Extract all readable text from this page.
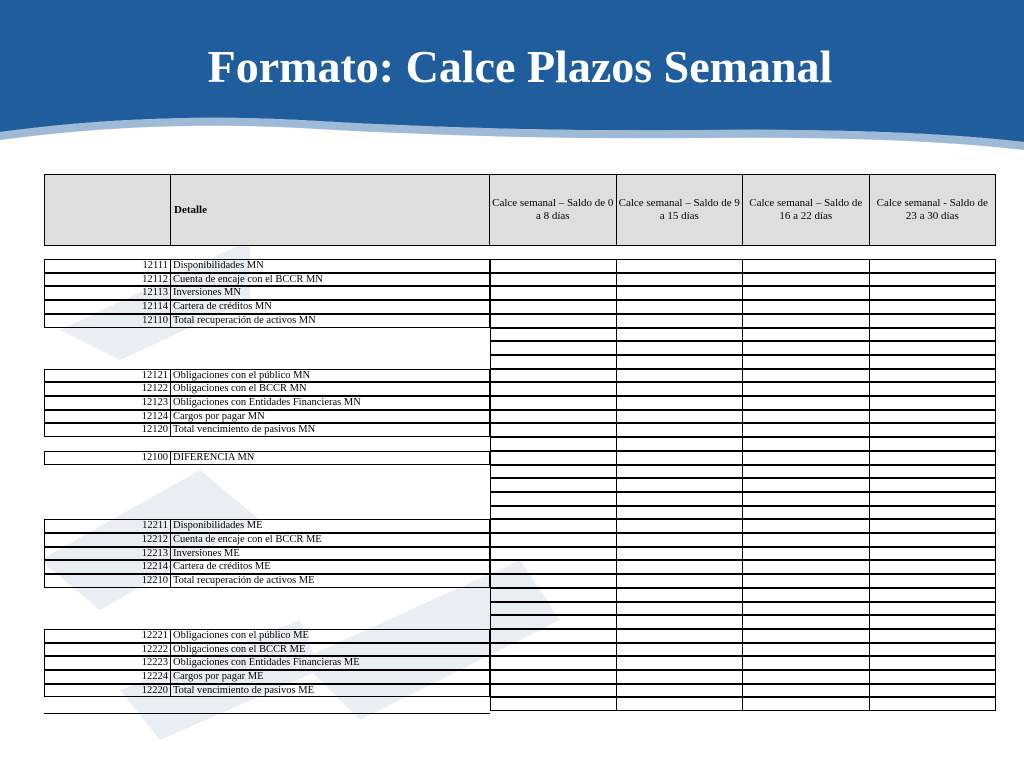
Formato: Calce Plazos Semanal
Detalle
Calce semanal – Saldo de 0 a 8 días
Calce semanal – Saldo de 9 a 15 días
Calce semanal – Saldo de 16 a 22 días
Calce semanal - Saldo de 23 a 30 días
12111 Disponibilidades MN
12112 Cuenta de encaje con el BCCR MN
12113 Inversiones MN
12114 Cartera de créditos MN
12110 Total recuperación de activos MN
12121 Obligaciones con el público MN
12122 Obligaciones con el BCCR MN
12123 Obligaciones con Entidades Financieras MN
12124 Cargos por pagar MN
12120 Total vencimiento de pasivos MN
12100 DIFERENCIA MN
12211 Disponibilidades ME
12212 Cuenta de encaje con el BCCR ME
12213 Inversiones ME
12214 Cartera de créditos ME
12210 Total recuperación de activos ME
12221 Obligaciones con el público ME
12222 Obligaciones con el BCCR ME
12223 Obligaciones con Entidades Financieras ME
12224 Cargos por pagar ME
12220 Total vencimiento de pasivos ME
